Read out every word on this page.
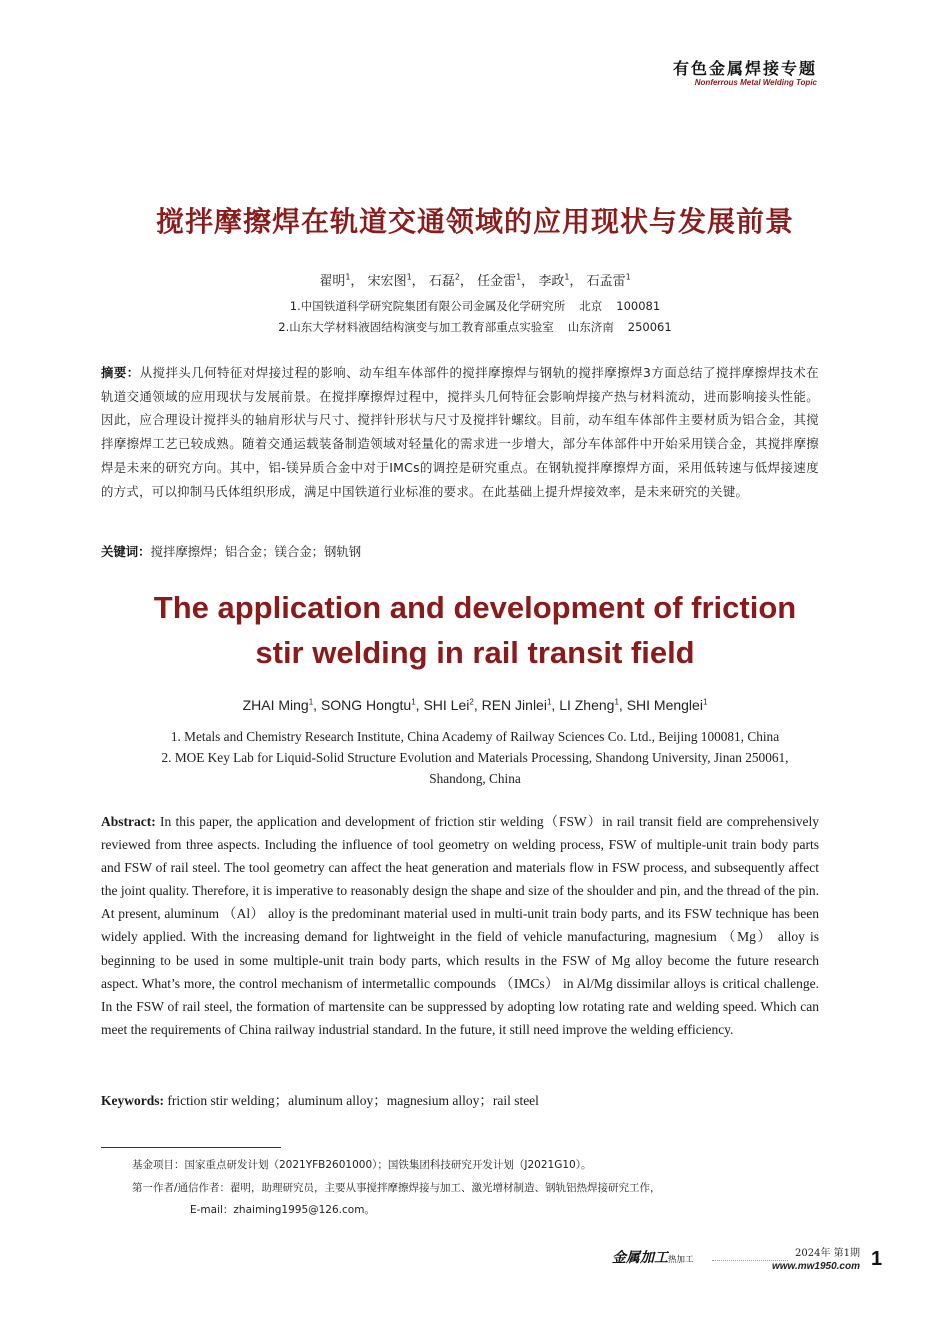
有色金属焊接专题
Nonferrous Metal Welding Topic
搅拌摩擦焊在轨道交通领域的应用现状与发展前景
翟明$^1$， 宋宏图$^1$， 石磊$^2$， 任金雷$^1$， 李政$^1$， 石孟雷$^1$
1.中国铁道科学研究院集团有限公司金属及化学研究所 北京 100081
2.山东大学材料液固结构演变与加工教育部重点实验室 山东济南 250061
摘要：从搅拌头几何特征对焊接过程的影响、动车组车体部件的搅拌摩擦焊与钢轨的搅拌摩擦焊3方面总结了搅拌摩擦焊技术在轨道交通领域的应用现状与发展前景。在搅拌摩擦焊过程中，搅拌头几何特征会影响焊接产热与材料流动，进而影响接头性能。因此，应合理设计搅拌头的轴肩形状与尺寸、搅拌针形状与尺寸及搅拌针螺纹。目前，动车组车体部件主要材质为铝合金，其搅拌摩擦焊工艺已较成熟。随着交通运载装备制造领域对轻量化的需求进一步增大，部分车体部件中开始采用镁合金，其搅拌摩擦焊是未来的研究方向。其中，铝-镁异质合金中对于IMCs的调控是研究重点。在钢轨搅拌摩擦焊方面，采用低转速与低焊接速度的方式，可以抑制马氏体组织形成，满足中国铁道行业标准的要求。在此基础上提升焊接效率，是未来研究的关键。
关键词：搅拌摩擦焊；铝合金；镁合金；钢轨钢
The application and development of friction
stir welding in rail transit field
ZHAI Ming$^1$, SONG Hongtu$^1$, SHI Lei$^2$, REN Jinlei$^1$, LI Zheng$^1$, SHI Menglei$^1$
1. Metals and Chemistry Research Institute, China Academy of Railway Sciences Co. Ltd., Beijing 100081, China
2. MOE Key Lab for Liquid-Solid Structure Evolution and Materials Processing, Shandong University, Jinan 250061,
Shandong, China
Abstract: In this paper, the application and development of friction stir welding（FSW）in rail transit field are comprehensively reviewed from three aspects. Including the influence of tool geometry on welding process, FSW of multiple-unit train body parts and FSW of rail steel. The tool geometry can affect the heat generation and materials flow in FSW process, and subsequently affect the joint quality. Therefore, it is imperative to reasonably design the shape and size of the shoulder and pin, and the thread of the pin. At present, aluminum （Al） alloy is the predominant material used in multi-unit train body parts, and its FSW technique has been widely applied. With the increasing demand for lightweight in the field of vehicle manufacturing, magnesium （Mg） alloy is beginning to be used in some multiple-unit train body parts, which results in the FSW of Mg alloy become the future research aspect. What’s more, the control mechanism of intermetallic compounds （IMCs） in Al/Mg dissimilar alloys is critical challenge. In the FSW of rail steel, the formation of martensite can be suppressed by adopting low rotating rate and welding speed. Which can meet the requirements of China railway industrial standard. In the future, it still need improve the welding efficiency.
Keywords: friction stir welding；aluminum alloy；magnesium alloy；rail steel
基金项目：国家重点研发计划（2021YFB2601000）；国铁集团科技研究开发计划（J2021G10）。
第一作者/通信作者：翟明，助理研究员，主要从事搅拌摩擦焊接与加工、激光增材制造、钢轨铝热焊接研究工作，
E-mail：zhaiming1995@126.com。
金属加工热加工
2024年 第1期
www.mw1950.com 1
